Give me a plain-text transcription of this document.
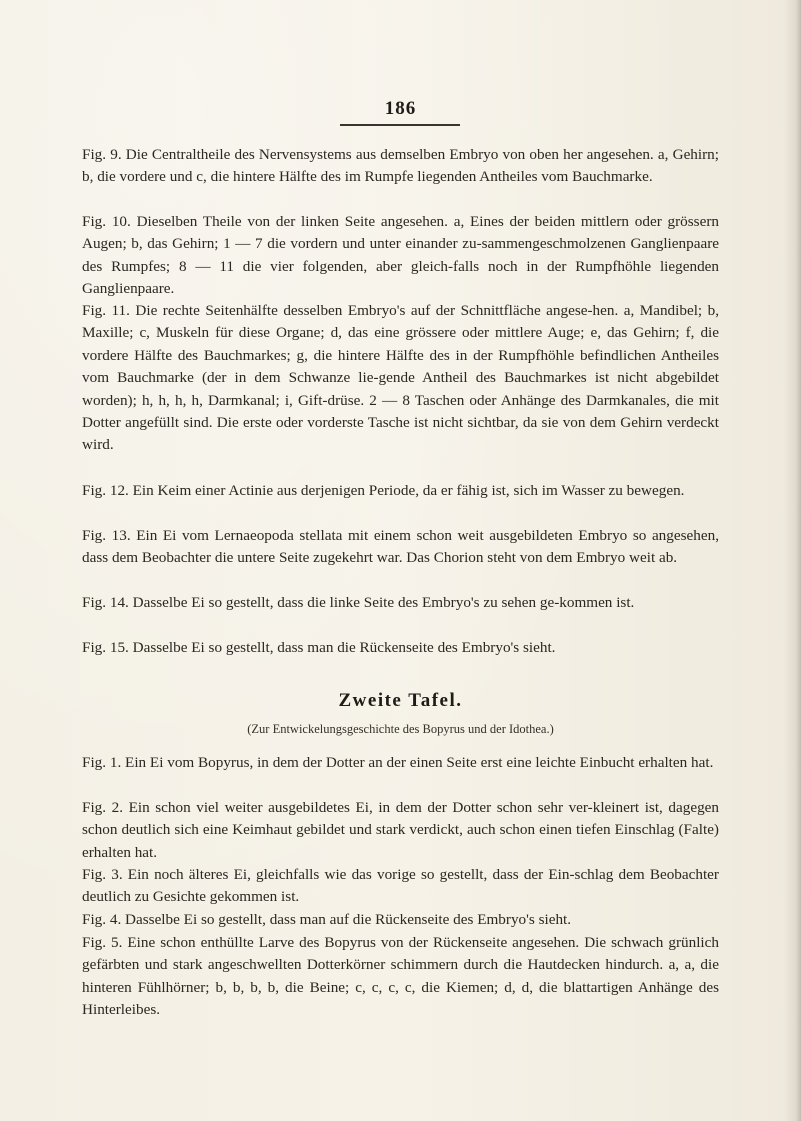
186

Fig. 9. Die Centraltheile des Nervensystems aus demselben Embryo von oben her angesehen. a, Gehirn; b, die vordere und c, die hintere Hälfte des im Rumpfe liegenden Antheiles vom Bauchmarke.

Fig. 10. Dieselben Theile von der linken Seite angesehen. a, Eines der beiden mittlern oder grössern Augen; b, das Gehirn; 1 — 7 die vordern und unter einander zu-sammengeschmolzenen Ganglienpaare des Rumpfes; 8 — 11 die vier folgenden, aber gleich-falls noch in der Rumpfhöhle liegenden Ganglienpaare.

Fig. 11. Die rechte Seitenhälfte desselben Embryo's auf der Schnittfläche angese-hen. a, Mandibel; b, Maxille; c, Muskeln für diese Organe; d, das eine grössere oder mittlere Auge; e, das Gehirn; f, die vordere Hälfte des Bauchmarkes; g, die hintere Hälfte des in der Rumpfhöhle befindlichen Antheiles vom Bauchmarke (der in dem Schwanze lie-gende Antheil des Bauchmarkes ist nicht abgebildet worden); h, h, h, h, Darmkanal; i, Gift-drüse. 2 — 8 Taschen oder Anhänge des Darmkanales, die mit Dotter angefüllt sind. Die erste oder vorderste Tasche ist nicht sichtbar, da sie von dem Gehirn verdeckt wird.

Fig. 12. Ein Keim einer Actinie aus derjenigen Periode, da er fähig ist, sich im Wasser zu bewegen.

Fig. 13. Ein Ei vom Lernaeopoda stellata mit einem schon weit ausgebildeten Embryo so angesehen, dass dem Beobachter die untere Seite zugekehrt war. Das Chorion steht von dem Embryo weit ab.

Fig. 14. Dasselbe Ei so gestellt, dass die linke Seite des Embryo's zu sehen ge-kommen ist.

Fig. 15. Dasselbe Ei so gestellt, dass man die Rückenseite des Embryo's sieht.

Zweite Tafel.
(Zur Entwickelungsgeschichte des Bopyrus und der Idothea.)

Fig. 1. Ein Ei vom Bopyrus, in dem der Dotter an der einen Seite erst eine leichte Einbucht erhalten hat.

Fig. 2. Ein schon viel weiter ausgebildetes Ei, in dem der Dotter schon sehr ver-kleinert ist, dagegen schon deutlich sich eine Keimhaut gebildet und stark verdickt, auch schon einen tiefen Einschlag (Falte) erhalten hat.

Fig. 3. Ein noch älteres Ei, gleichfalls wie das vorige so gestellt, dass der Ein-schlag dem Beobachter deutlich zu Gesichte gekommen ist.

Fig. 4. Dasselbe Ei so gestellt, dass man auf die Rückenseite des Embryo's sieht.

Fig. 5. Eine schon enthüllte Larve des Bopyrus von der Rückenseite angesehen. Die schwach grünlich gefärbten und stark angeschwellten Dotterkörner schimmern durch die Hautdecken hindurch. a, a, die hinteren Fühlhörner; b, b, b, b, die Beine; c, c, c, c, die Kiemen; d, d, die blattartigen Anhänge des Hinterleibes.
